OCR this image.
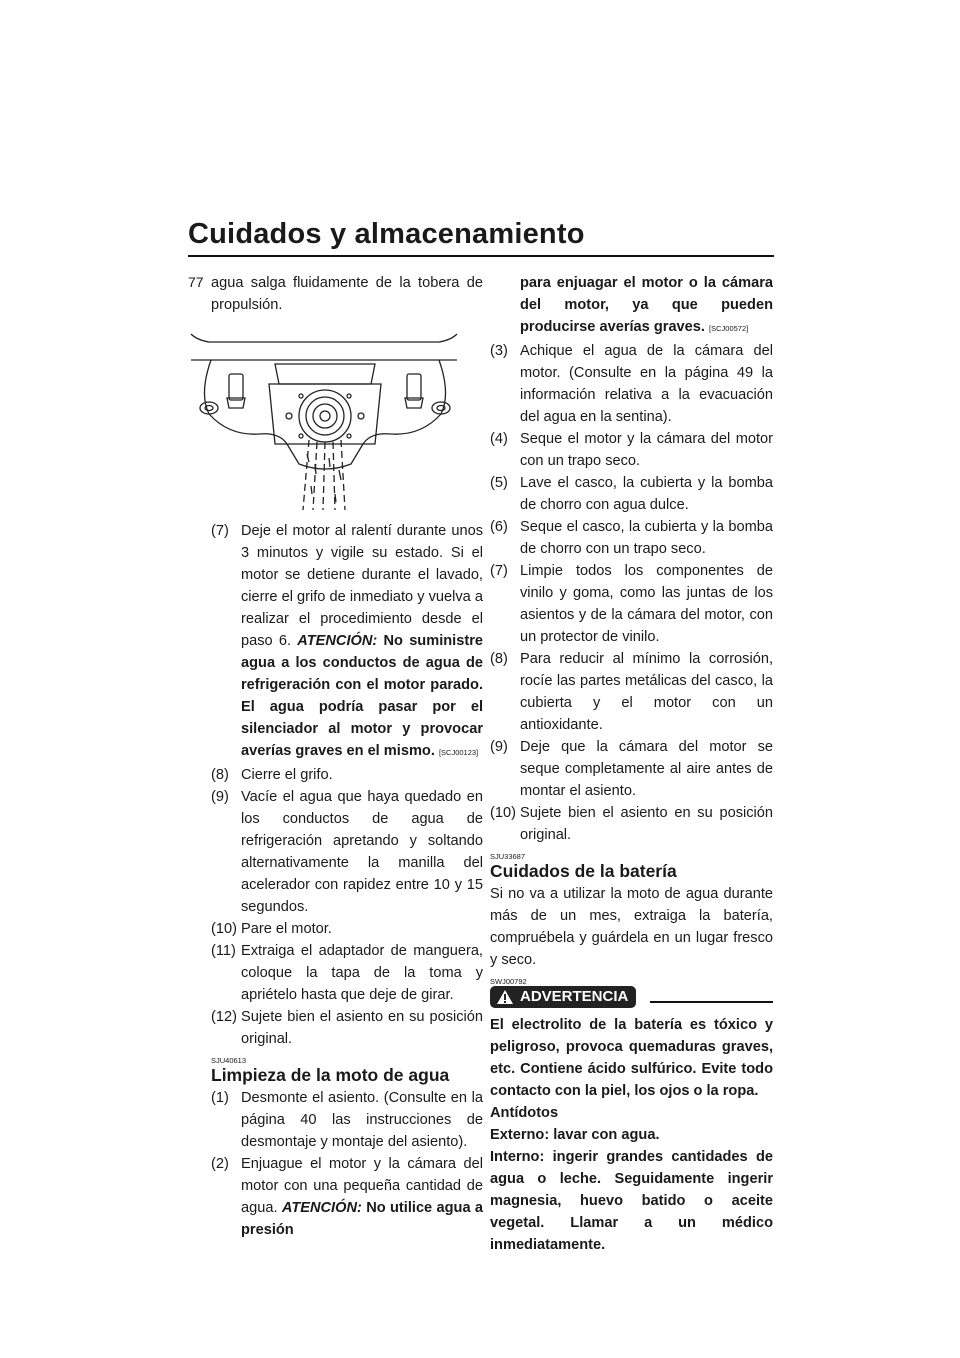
Cuidados y almacenamiento
77 agua salga fluidamente de la tobera de propulsión.

(7) Deje el motor al ralentí durante unos 3 minutos y vigile su estado. Si el motor se detiene durante el lavado, cierre el grifo de inmediato y vuelva a realizar el procedimiento desde el paso 6. ATENCIÓN: No suministre agua a los conductos de agua de refrigeración con el motor parado. El agua podría pasar por el silenciador al motor y provocar averías graves en el mismo. [SCJ00123]
(8) Cierre el grifo.
(9) Vacíe el agua que haya quedado en los conductos de agua de refrigeración apretando y soltando alternativamente la manilla del acelerador con rapidez entre 10 y 15 segundos.
(10) Pare el motor.
(11) Extraiga el adaptador de manguera, coloque la tapa de la toma y apriételo hasta que deje de girar.
(12) Sujete bien el asiento en su posición original.
SJU40613
Limpieza de la moto de agua
(1) Desmonte el asiento. (Consulte en la página 40 las instrucciones de desmontaje y montaje del asiento).
(2) Enjuague el motor y la cámara del motor con una pequeña cantidad de agua. ATENCIÓN: No utilice agua a presión

para enjuagar el motor o la cámara del motor, ya que pueden producirse averías graves. [SCJ00572]

(3) Achique el agua de la cámara del motor. (Consulte en la página 49 la información relativa a la evacuación del agua en la sentina).
(4) Seque el motor y la cámara del motor con un trapo seco.
(5) Lave el casco, la cubierta y la bomba de chorro con agua dulce.
(6) Seque el casco, la cubierta y la bomba de chorro con un trapo seco.
(7) Limpie todos los componentes de vinilo y goma, como las juntas de los asientos y de la cámara del motor, con un protector de vinilo.
(8) Para reducir al mínimo la corrosión, rocíe las partes metálicas del casco, la cubierta y el motor con un antioxidante.
(9) Deje que la cámara del motor se seque completamente al aire antes de montar el asiento.
(10) Sujete bien el asiento en su posición original.
SJU33687
Cuidados de la batería

Si no va a utilizar la moto de agua durante más de un mes, extraiga la batería, compruébela y guárdela en un lugar fresco y seco.

SWJ00792
ADVERTENCIA

El electrolito de la batería es tóxico y peligroso, provoca quemaduras graves, etc. Contiene ácido sulfúrico. Evite todo contacto con la piel, los ojos o la ropa.

Antídotos

Externo: lavar con agua.

Interno: ingerir grandes cantidades de agua o leche. Seguidamente ingerir magnesia, huevo batido o aceite vegetal. Llamar a un médico inmediatamente.
